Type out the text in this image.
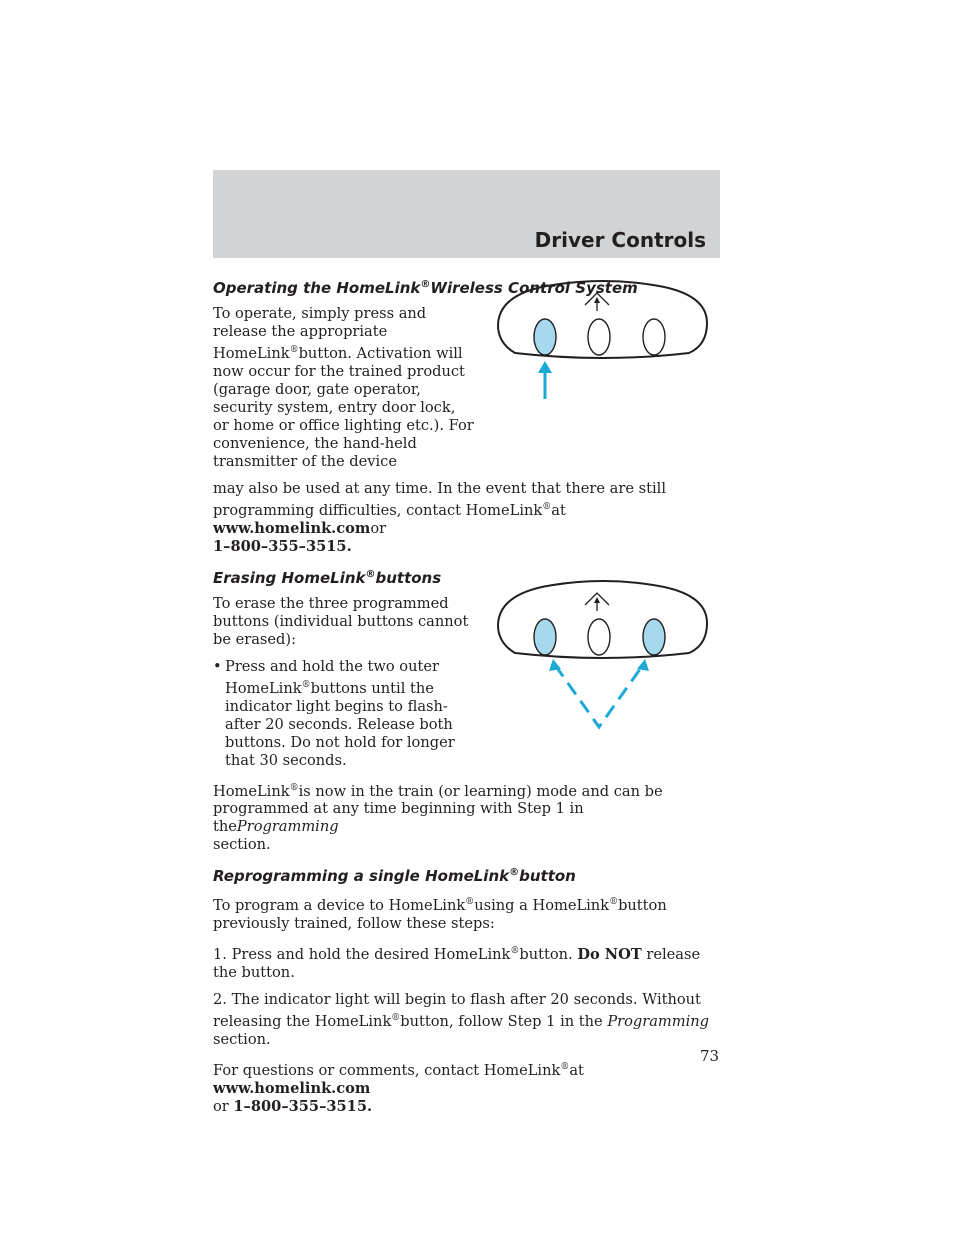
Driver Controls
Operating the HomeLink®Wireless Control System

To operate, simply press and release the appropriate HomeLink®button. Activation will now occur for the trained product (garage door, gate operator, security system, entry door lock, or home or office lighting etc.). For convenience, the hand-held transmitter of the device

may also be used at any time. In the event that there are still programming difficulties, contact HomeLink®at www.homelink.comor
1–800–355–3515.

Erasing HomeLink®buttons

To erase the three programmed buttons (individual buttons cannot be erased):

• Press and hold the two outer HomeLink®buttons until the indicator light begins to flash-after 20 seconds. Release both buttons. Do not hold for longer that 30 seconds.

HomeLink®is now in the train (or learning) mode and can be programmed at any time beginning with Step 1 in theProgramming
section.

Reprogramming a single HomeLink®button

To program a device to HomeLink®using a HomeLink®button previously trained, follow these steps:

1. Press and hold the desired HomeLink®button. Do NOT release the button.

2. The indicator light will begin to flash after 20 seconds. Without releasing the HomeLink®button, follow Step 1 in the Programming
section.

For questions or comments, contact HomeLink®at www.homelink.com
or 1–800–355–3515.

73
